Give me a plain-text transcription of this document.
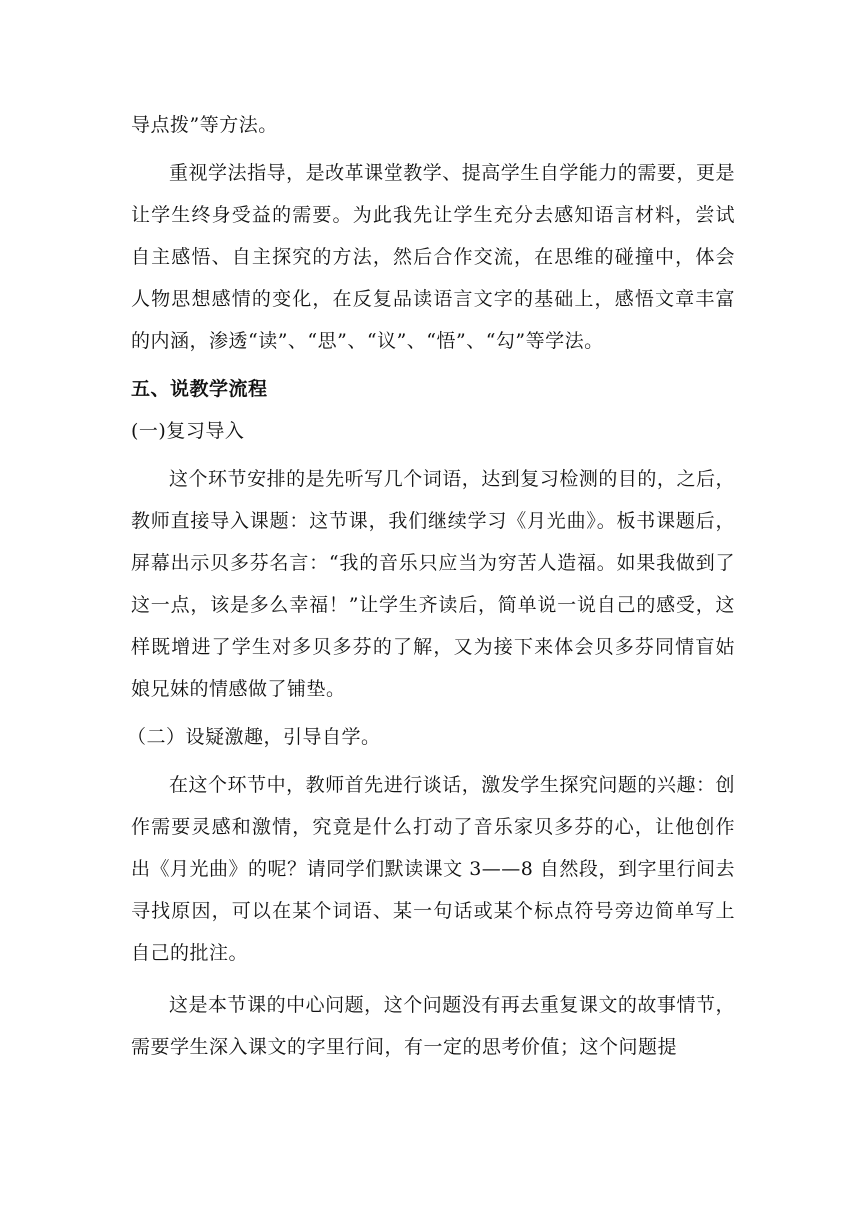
导点拨”等方法。

重视学法指导，是改革课堂教学、提高学生自学能力的需要，更是让学生终身受益的需要。为此我先让学生充分去感知语言材料，尝试自主感悟、自主探究的方法，然后合作交流，在思维的碰撞中，体会人物思想感情的变化，在反复品读语言文字的基础上，感悟文章丰富的内涵，渗透“读”、“思”、“议”、“悟”、“勾”等学法。

五、说教学流程
(一)复习导入

这个环节安排的是先听写几个词语，达到复习检测的目的，之后，教师直接导入课题：这节课，我们继续学习《月光曲》。板书课题后，屏幕出示贝多芬名言：“我的音乐只应当为穷苦人造福。如果我做到了这一点，该是多么幸福！”让学生齐读后，简单说一说自己的感受，这样既增进了学生对多贝多芬的了解，又为接下来体会贝多芬同情盲姑娘兄妹的情感做了铺垫。

（二）设疑激趣，引导自学。

在这个环节中，教师首先进行谈话，激发学生探究问题的兴趣：创作需要灵感和激情，究竟是什么打动了音乐家贝多芬的心，让他创作出《月光曲》的呢？请同学们默读课文 3——8 自然段，到字里行间去寻找原因，可以在某个词语、某一句话或某个标点符号旁边简单写上自己的批注。

这是本节课的中心问题，这个问题没有再去重复课文的故事情节，需要学生深入课文的字里行间，有一定的思考价值；这个问题提
